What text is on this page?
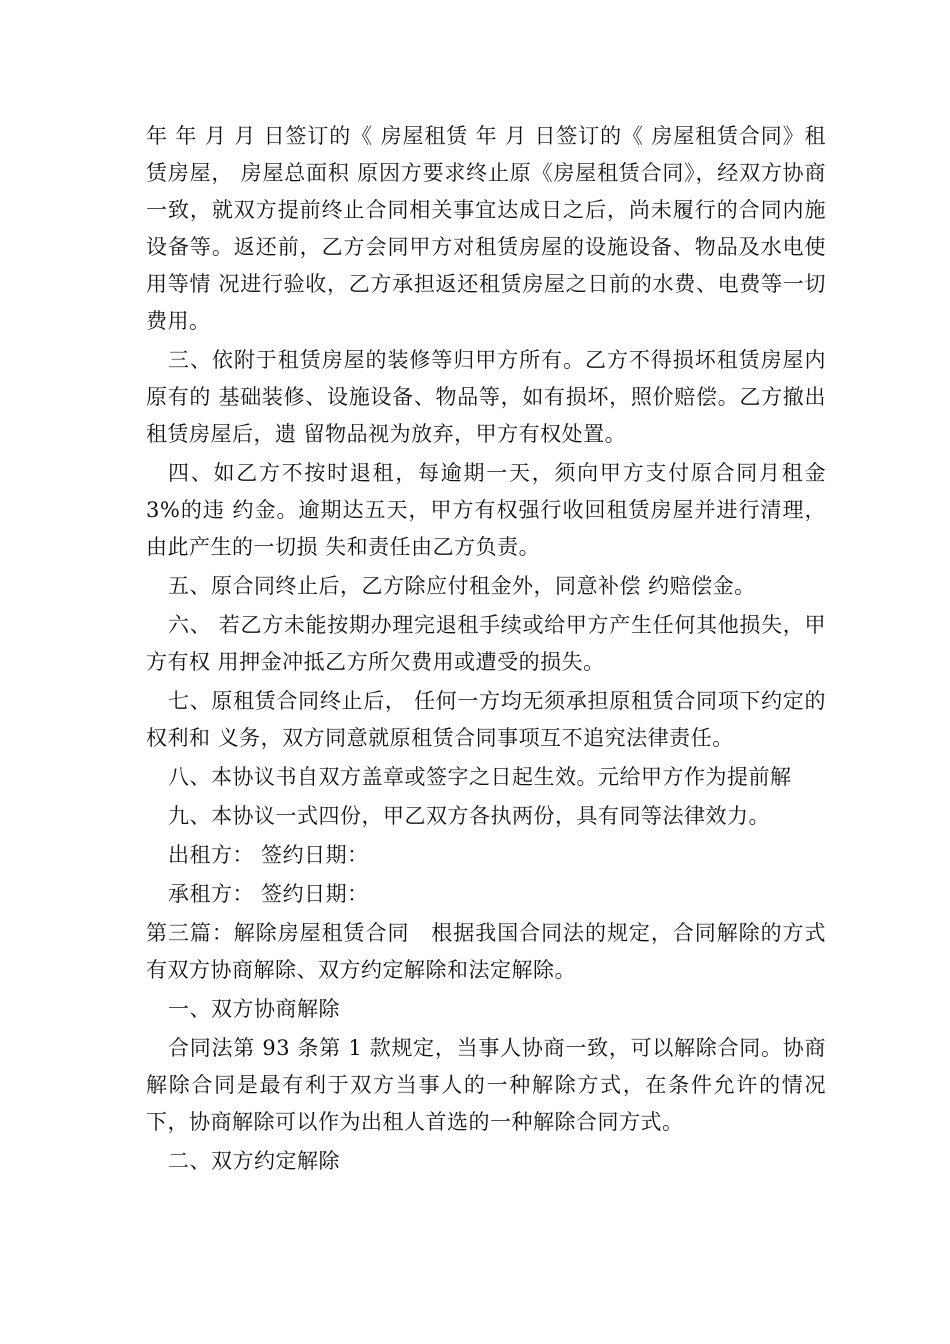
年 年 月 月 日签订的《 房屋租赁 年 月 日签订的《 房屋租赁合同》租赁房屋， 房屋总面积 原因方要求终止原《房屋租赁合同》，经双方协商一致，就双方提前终止合同相关事宜达成日之后，尚未履行的合同内施设备等。返还前，乙方会同甲方对租赁房屋的设施设备、物品及水电使用等情 况进行验收，乙方承担返还租赁房屋之日前的水费、电费等一切费用。

三、依附于租赁房屋的装修等归甲方所有。乙方不得损坏租赁房屋内原有的 基础装修、设施设备、物品等，如有损坏，照价赔偿。乙方撤出租赁房屋后，遗 留物品视为放弃，甲方有权处置。

四、如乙方不按时退租，每逾期一天，须向甲方支付原合同月租金 3%的违 约金。逾期达五天，甲方有权强行收回租赁房屋并进行清理，由此产生的一切损 失和责任由乙方负责。

五、原合同终止后，乙方除应付租金外，同意补偿 约赔偿金。

六、 若乙方未能按期办理完退租手续或给甲方产生任何其他损失，甲方有权 用押金冲抵乙方所欠费用或遭受的损失。

七、原租赁合同终止后， 任何一方均无须承担原租赁合同项下约定的权利和 义务，双方同意就原租赁合同事项互不追究法律责任。

八、本协议书自双方盖章或签字之日起生效。元给甲方作为提前解

九、本协议一式四份，甲乙双方各执两份，具有同等法律效力。

出租方： 签约日期：

承租方： 签约日期：

第三篇：解除房屋租赁合同　根据我国合同法的规定，合同解除的方式有双方协商解除、双方约定解除和法定解除。

一、双方协商解除

合同法第 93 条第 1 款规定，当事人协商一致，可以解除合同。协商解除合同是最有利于双方当事人的一种解除方式，在条件允许的情况下，协商解除可以作为出租人首选的一种解除合同方式。

二、双方约定解除
